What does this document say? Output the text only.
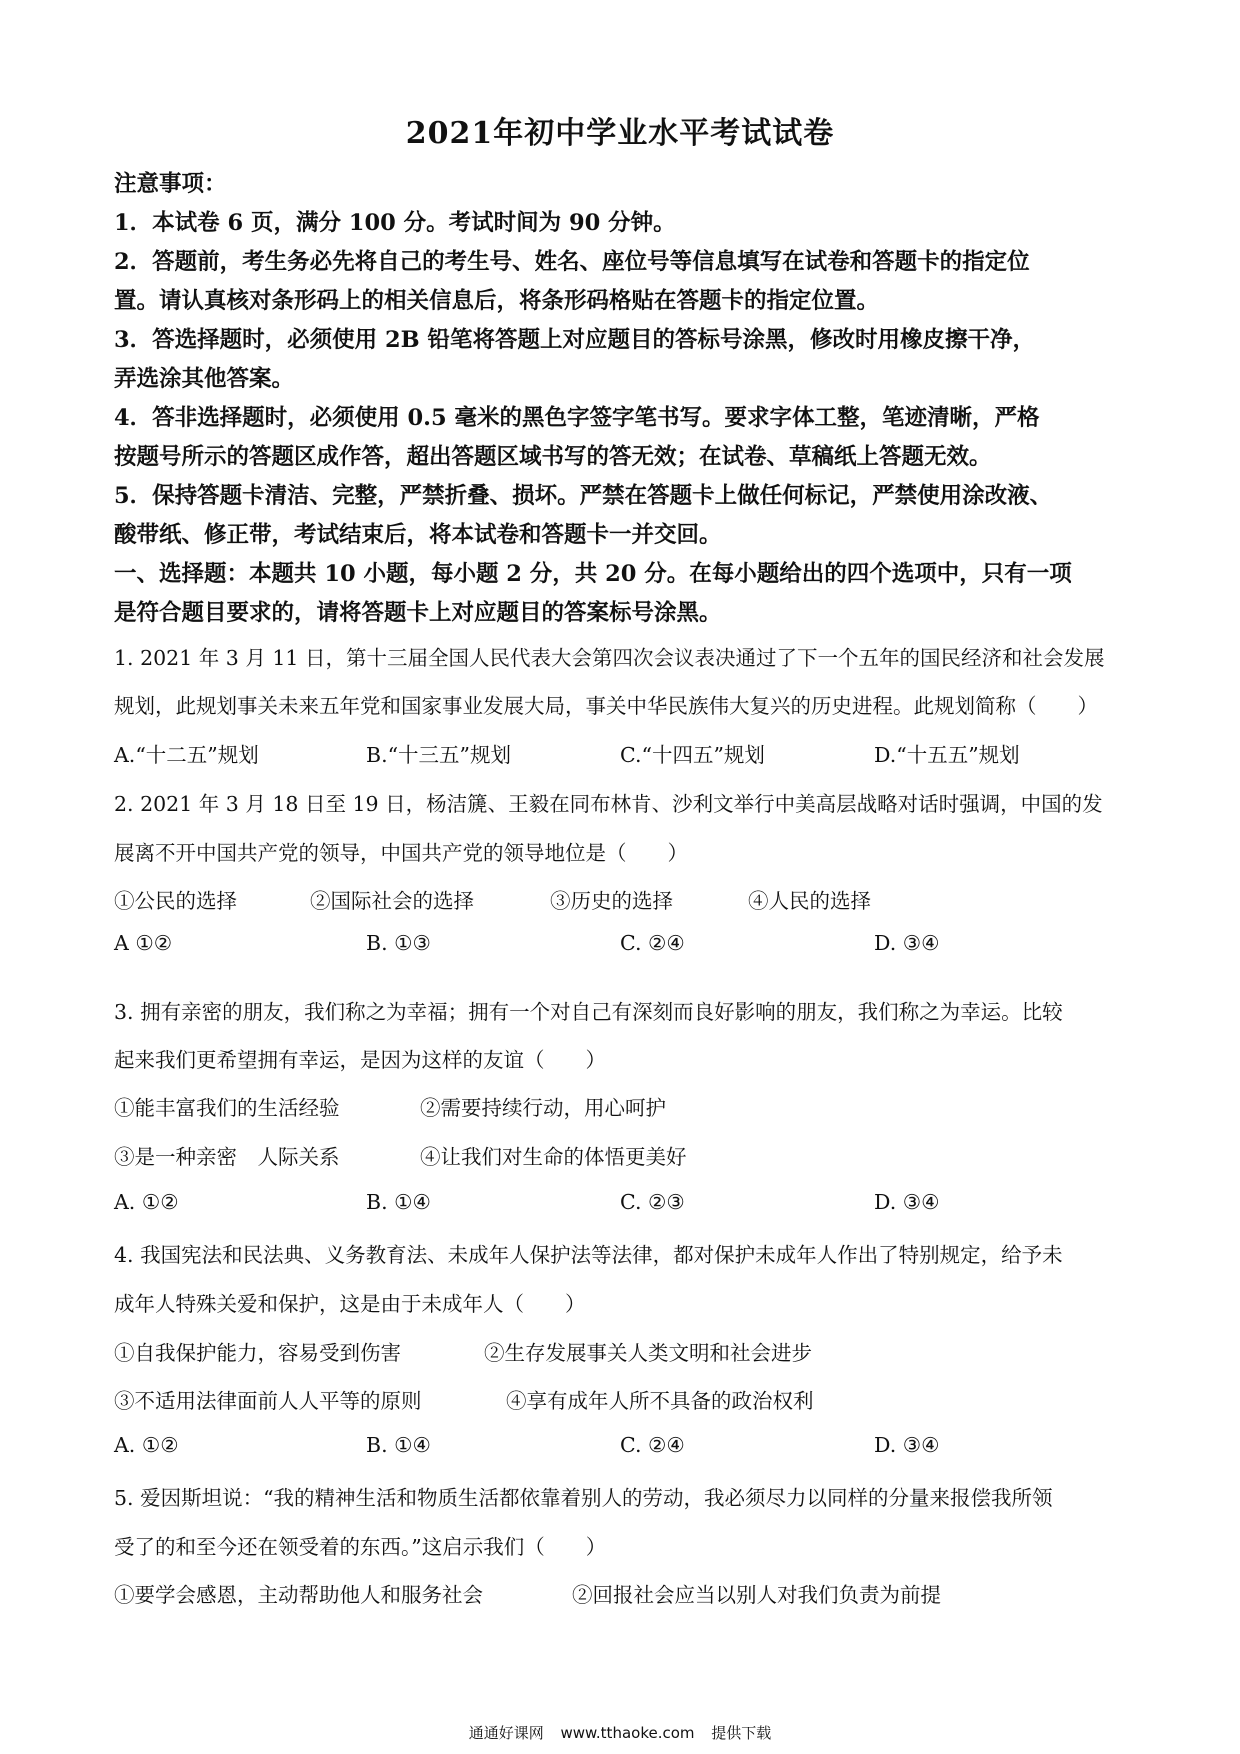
2021年初中学业水平考试试卷
注意事项：
1．本试卷 6 页，满分 100 分。考试时间为 90 分钟。
2．答题前，考生务必先将自己的考生号、姓名、座位号等信息填写在试卷和答题卡的指定位
置。请认真核对条形码上的相关信息后，将条形码格贴在答题卡的指定位置。
3．答选择题时，必须使用 2B 铅笔将答题上对应题目的答标号涂黑，修改时用橡皮擦干净，
弄选涂其他答案。
4．答非选择题时，必须使用 0.5 毫米的黑色字签字笔书写。要求字体工整，笔迹清晰，严格
按题号所示的答题区成作答，超出答题区域书写的答无效；在试卷、草稿纸上答题无效。
5．保持答题卡清洁、完整，严禁折叠、损坏。严禁在答题卡上做任何标记，严禁使用涂改液、
酸带纸、修正带，考试结束后，将本试卷和答题卡一并交回。
一、选择题：本题共 10 小题，每小题 2 分，共 20 分。在每小题给出的四个选项中，只有一项
是符合题目要求的，请将答题卡上对应题目的答案标号涂黑。
1. 2021 年 3 月 11 日，第十三届全国人民代表大会第四次会议表决通过了下一个五年的国民经济和社会发展
规划，此规划事关未来五年党和国家事业发展大局，事关中华民族伟大复兴的历史进程。此规划简称（　　）
A.“十二五”规划	B.“十三五”规划	C.“十四五”规划	D.“十五五”规划
2. 2021 年 3 月 18 日至 19 日，杨洁篪、王毅在同布林肯、沙利文举行中美高层战略对话时强调，中国的发
展离不开中国共产党的领导，中国共产党的领导地位是（　　）
①公民的选择	②国际社会的选择	③历史的选择	④人民的选择
A ①②	B. ①③	C. ②④	D. ③④
3. 拥有亲密的朋友，我们称之为幸福；拥有一个对自己有深刻而良好影响的朋友，我们称之为幸运。比较
起来我们更希望拥有幸运，是因为这样的友谊（　　）
①能丰富我们的生活经验	②需要持续行动，用心呵护
③是一种亲密　人际关系	④让我们对生命的体悟更美好
A. ①②	B. ①④	C. ②③	D. ③④
4. 我国宪法和民法典、义务教育法、未成年人保护法等法律，都对保护未成年人作出了特别规定，给予未
成年人特殊关爱和保护，这是由于未成年人（　　）
①自我保护能力，容易受到伤害	②生存发展事关人类文明和社会进步
③不适用法律面前人人平等的原则	④享有成年人所不具备的政治权利
A. ①②	B. ①④	C. ②④	D. ③④
5. 爱因斯坦说：“我的精神生活和物质生活都依靠着别人的劳动，我必须尽力以同样的分量来报偿我所领
受了的和至今还在领受着的东西。”这启示我们（　　）
①要学会感恩，主动帮助他人和服务社会	②回报社会应当以别人对我们负责为前提
通通好课网 www.tthaoke.com 提供下载
